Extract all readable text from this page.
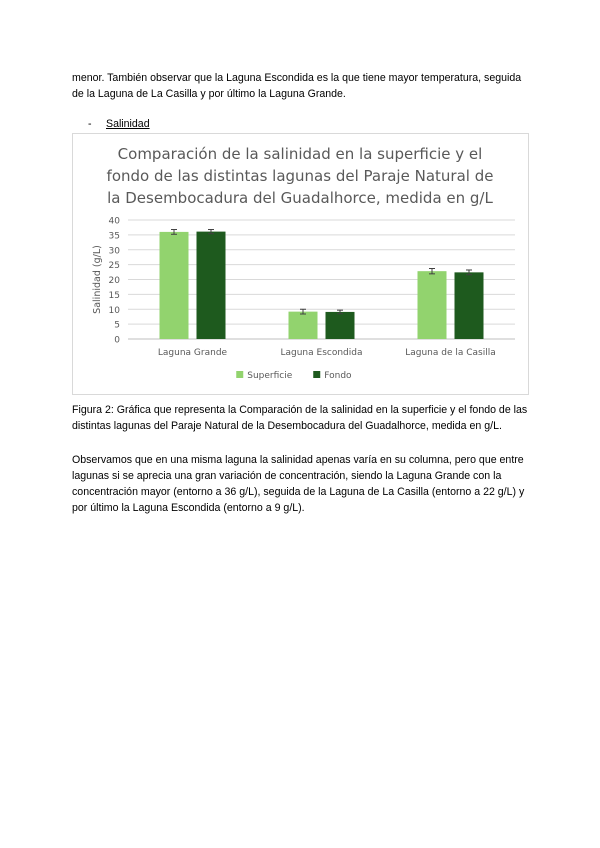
menor. También observar que la Laguna Escondida es la que tiene mayor temperatura, seguida de la Laguna de La Casilla y por último la Laguna Grande.

- Salinidad
Comparación de la salinidad en la superficie y el
fondo de las distintas lagunas del Paraje Natural de
la Desembocadura del Guadalhorce, medida en g/L
0
5
10
15
20
25
30
35
40
Salinidad (g/L)
Laguna Grande	Laguna Escondida	Laguna de la Casilla
Superficie	Fondo

Figura 2: Gráfica que representa la Comparación de la salinidad en la superficie y el fondo de las distintas lagunas del Paraje Natural de la Desembocadura del Guadalhorce, medida en g/L.

Observamos que en una misma laguna la salinidad apenas varía en su columna, pero que entre lagunas si se aprecia una gran variación de concentración, siendo la Laguna Grande con la concentración mayor (entorno a 36 g/L), seguida de la Laguna de La Casilla (entorno a 22 g/L) y por último la Laguna Escondida (entorno a 9 g/L).
